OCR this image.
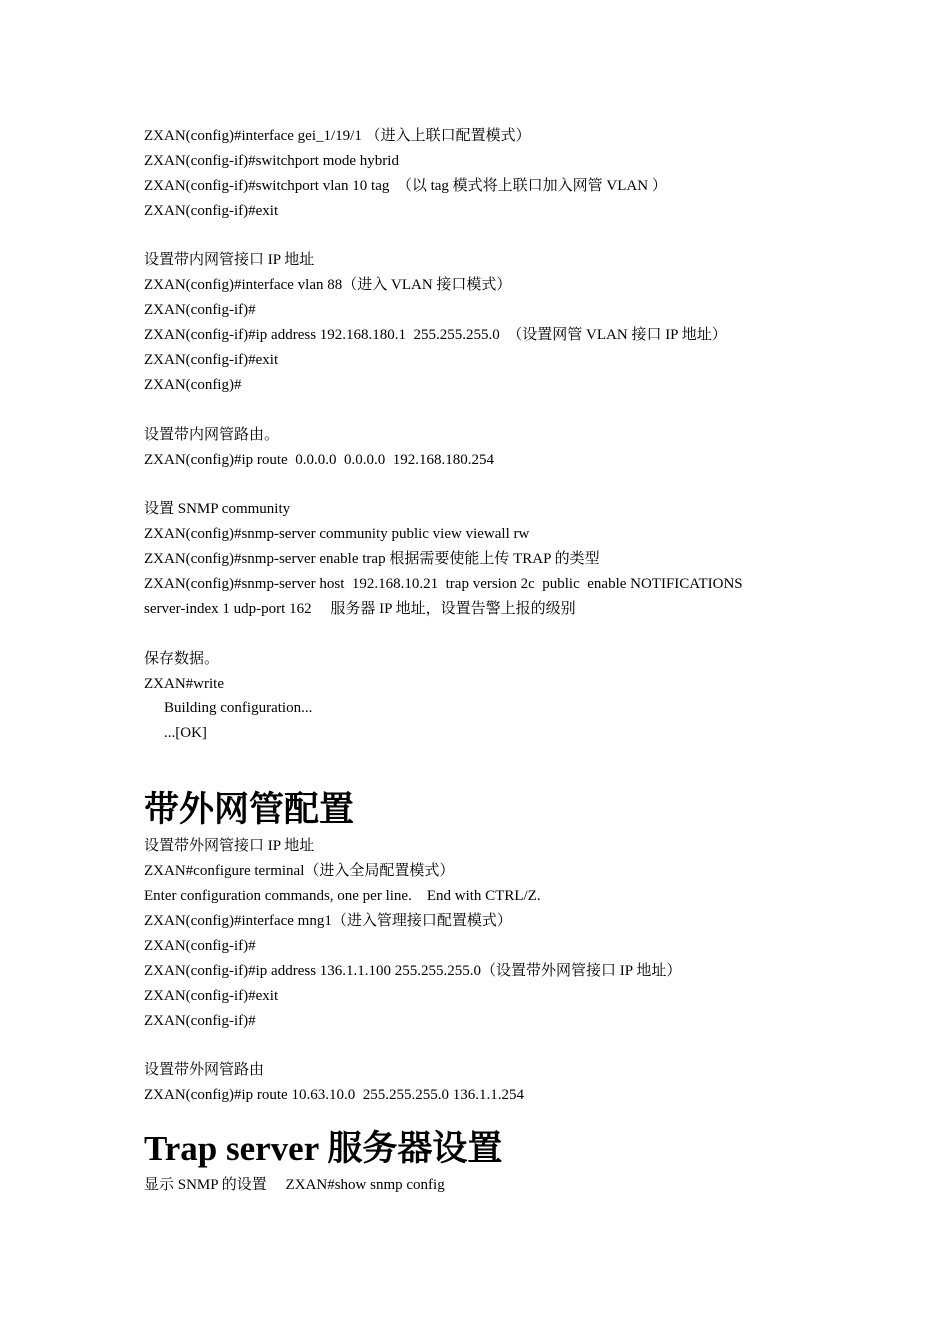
ZXAN(config)#interface gei_1/19/1 （进入上联口配置模式）
ZXAN(config-if)#switchport mode hybrid
ZXAN(config-if)#switchport vlan 10 tag  （以 tag 模式将上联口加入网管 VLAN ）
ZXAN(config-if)#exit
设置带内网管接口 IP 地址
ZXAN(config)#interface vlan 88（进入 VLAN 接口模式）
ZXAN(config-if)#
ZXAN(config-if)#ip address 192.168.180.1  255.255.255.0  （设置网管 VLAN 接口 IP 地址）
ZXAN(config-if)#exit
ZXAN(config)#
设置带内网管路由。
ZXAN(config)#ip route  0.0.0.0  0.0.0.0  192.168.180.254
设置 SNMP community
ZXAN(config)#snmp-server community public view viewall rw
ZXAN(config)#snmp-server enable trap 根据需要使能上传 TRAP 的类型
ZXAN(config)#snmp-server host  192.168.10.21  trap version 2c  public  enable NOTIFICATIONS
server-index 1 udp-port 162     服务器 IP 地址，设置告警上报的级别
保存数据。
ZXAN#write
Building configuration...
...[OK]
带外网管配置
设置带外网管接口 IP 地址
ZXAN#configure terminal（进入全局配置模式）
Enter configuration commands, one per line.    End with CTRL/Z.
ZXAN(config)#interface mng1（进入管理接口配置模式）
ZXAN(config-if)#
ZXAN(config-if)#ip address 136.1.1.100 255.255.255.0（设置带外网管接口 IP 地址）
ZXAN(config-if)#exit
ZXAN(config-if)#
设置带外网管路由
ZXAN(config)#ip route 10.63.10.0  255.255.255.0 136.1.1.254
Trap server 服务器设置
显示 SNMP 的设置     ZXAN#show snmp config
